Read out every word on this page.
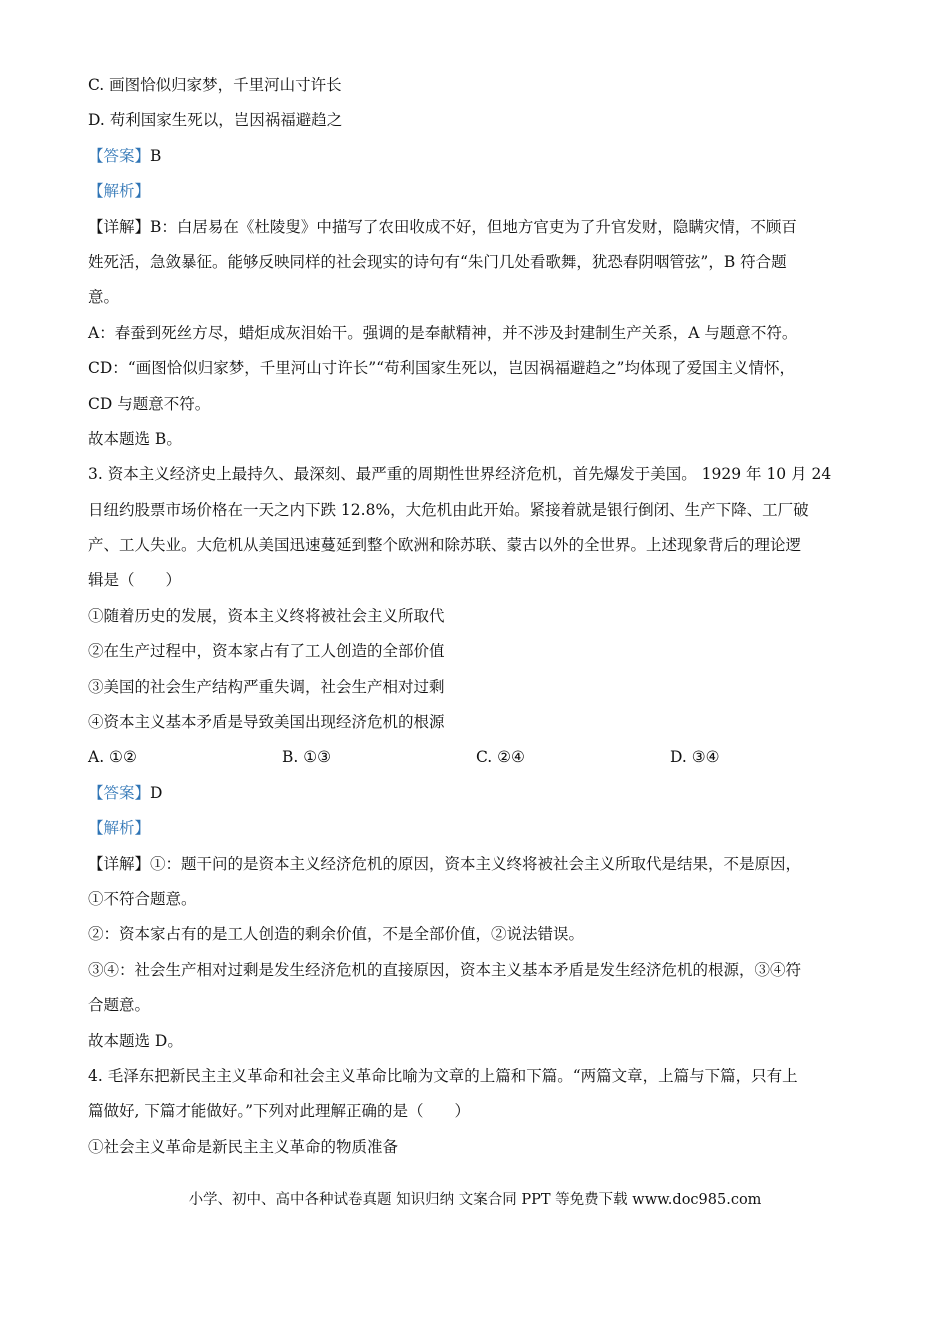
C. 画图恰似归家梦，千里河山寸许长
D. 苟利国家生死以，岂因祸福避趋之
【答案】B
【解析】
【详解】B：白居易在《杜陵叟》中描写了农田收成不好，但地方官吏为了升官发财，隐瞒灾情，不顾百
姓死活，急敛暴征。能够反映同样的社会现实的诗句有“朱门几处看歌舞，犹恐春阴咽管弦”，B 符合题
意。
A：春蚕到死丝方尽，蜡炬成灰泪始干。强调的是奉献精神，并不涉及封建制生产关系，A 与题意不符。
CD：“画图恰似归家梦，千里河山寸许长”“苟利国家生死以，岂因祸福避趋之”均体现了爱国主义情怀，
CD 与题意不符。
故本题选 B。
3. 资本主义经济史上最持久、最深刻、最严重的周期性世界经济危机，首先爆发于美国。 1929 年 10 月 24
日纽约股票市场价格在一天之内下跌 12.8%，大危机由此开始。紧接着就是银行倒闭、生产下降、工厂破
产、工人失业。大危机从美国迅速蔓延到整个欧洲和除苏联、蒙古以外的全世界。上述现象背后的理论逻
辑是（　　）
①随着历史的发展，资本主义终将被社会主义所取代
②在生产过程中，资本家占有了工人创造的全部价值
③美国的社会生产结构严重失调，社会生产相对过剩
④资本主义基本矛盾是导致美国出现经济危机的根源
A. ①②	B. ①③	C. ②④	D. ③④
【答案】D
【解析】
【详解】①：题干问的是资本主义经济危机的原因，资本主义终将被社会主义所取代是结果，不是原因，
①不符合题意。
②：资本家占有的是工人创造的剩余价值，不是全部价值，②说法错误。
③④：社会生产相对过剩是发生经济危机的直接原因，资本主义基本矛盾是发生经济危机的根源，③④符
合题意。
故本题选 D。
4. 毛泽东把新民主主义革命和社会主义革命比喻为文章的上篇和下篇。“两篇文章，上篇与下篇，只有上
篇做好, 下篇才能做好。”下列对此理解正确的是（　　）
①社会主义革命是新民主主义革命的物质准备
小学、初中、高中各种试卷真题 知识归纳 文案合同 PPT 等免费下载 www.doc985.com
